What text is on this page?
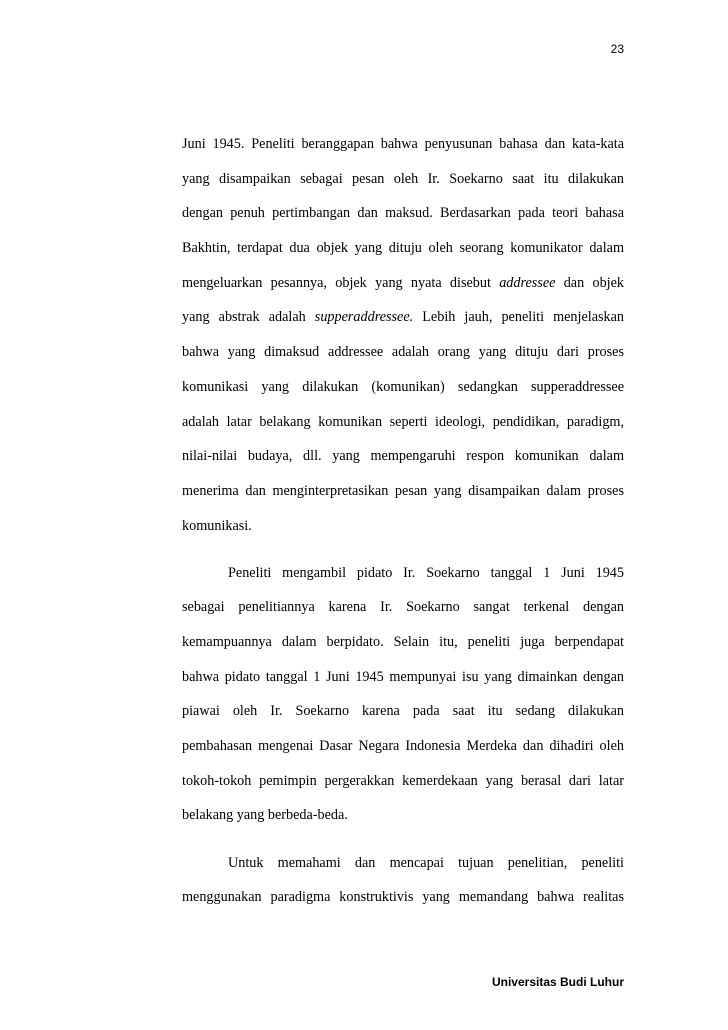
23
Juni 1945. Peneliti beranggapan bahwa penyusunan bahasa dan kata-kata
yang disampaikan sebagai pesan oleh Ir. Soekarno saat itu dilakukan
dengan penuh pertimbangan dan maksud. Berdasarkan pada teori bahasa
Bakhtin, terdapat dua objek yang dituju oleh seorang komunikator dalam
mengeluarkan pesannya, objek yang nyata disebut addressee dan objek
yang abstrak adalah supperaddressee. Lebih jauh, peneliti menjelaskan
bahwa yang dimaksud addressee adalah orang yang dituju dari proses
komunikasi yang dilakukan (komunikan) sedangkan supperaddressee
adalah latar belakang komunikan seperti ideologi, pendidikan, paradigm,
nilai-nilai budaya, dll. yang mempengaruhi respon komunikan dalam
menerima dan menginterpretasikan pesan yang disampaikan dalam proses
komunikasi.
Peneliti mengambil pidato Ir. Soekarno tanggal 1 Juni 1945
sebagai penelitiannya karena Ir. Soekarno sangat terkenal dengan
kemampuannya dalam berpidato. Selain itu, peneliti juga berpendapat
bahwa pidato tanggal 1 Juni 1945 mempunyai isu yang dimainkan dengan
piawai oleh Ir. Soekarno karena pada saat itu sedang dilakukan
pembahasan mengenai Dasar Negara Indonesia Merdeka dan dihadiri oleh
tokoh-tokoh pemimpin pergerakkan kemerdekaan yang berasal dari latar
belakang yang berbeda-beda.
Untuk memahami dan mencapai tujuan penelitian, peneliti
menggunakan paradigma konstruktivis yang memandang bahwa realitas
Universitas Budi Luhur
